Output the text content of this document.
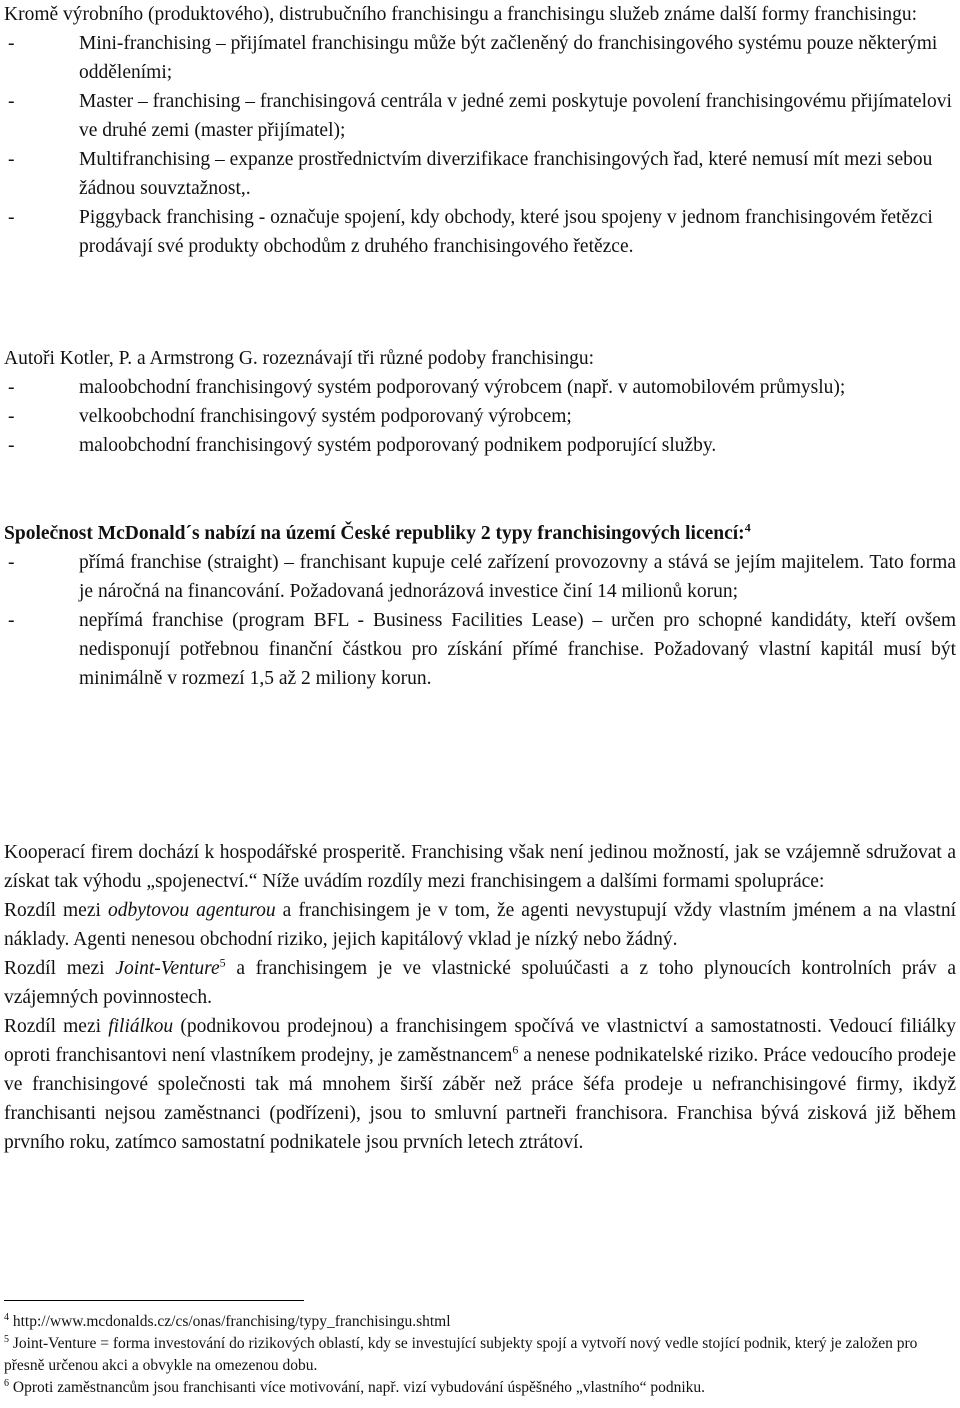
Kromě výrobního (produktového), distrubučního franchisingu a franchisingu služeb známe další formy franchisingu:

-	Mini-franchising – přijímatel franchisingu může být začleněný do franchisingového systému pouze některými odděleními;
-	Master – franchising – franchisingová centrála v jedné zemi poskytuje povolení franchisingovému přijímatelovi ve druhé zemi (master přijímatel);
-	Multifranchising – expanze prostřednictvím diverzifikace franchisingových řad, které nemusí mít mezi sebou žádnou souvztažnost,.
-	Piggyback franchising - označuje spojení, kdy obchody, které jsou spojeny v jednom franchisingovém řetězci prodávají své produkty obchodům z druhého franchisingového řetězce.

Autoři Kotler, P. a Armstrong G. rozeznávají tři různé podoby franchisingu:

-	maloobchodní franchisingový systém podporovaný výrobcem (např. v automobilovém průmyslu);
-	velkoobchodní franchisingový systém podporovaný výrobcem;
-	maloobchodní franchisingový systém podporovaný podnikem podporující služby.

Společnost McDonald´s nabízí na území České republiky 2 typy franchisingových licencí:$^4$

-	přímá franchise (straight) – franchisant kupuje celé zařízení provozovny a stává se jejím majitelem. Tato forma je náročná na financování. Požadovaná jednorázová investice činí 14 milionů korun;
-	nepřímá franchise (program BFL - Business Facilities Lease) – určen pro schopné kandidáty, kteří ovšem nedisponují potřebnou finanční částkou pro získání přímé franchise. Požadovaný vlastní kapitál musí být minimálně v rozmezí 1,5 až 2 miliony korun.

Kooperací firem dochází k hospodářské prosperitě. Franchising však není jedinou možností, jak se vzájemně sdružovat a získat tak výhodu „spojenectví.“ Níže uvádím rozdíly mezi franchisingem a dalšími formami spolupráce:

Rozdíl mezi odbytovou agenturou a franchisingem je v tom, že agenti nevystupují vždy vlastním jménem a na vlastní náklady. Agenti nenesou obchodní riziko, jejich kapitálový vklad je nízký nebo žádný.

Rozdíl mezi Joint-Venture$^5$ a franchisingem je ve vlastnické spoluúčasti a z toho plynoucích kontrolních práv a vzájemných povinnostech.

Rozdíl mezi filiálkou (podnikovou prodejnou) a franchisingem spočívá ve vlastnictví a samostatnosti. Vedoucí filiálky oproti franchisantovi není vlastníkem prodejny, je zaměstnancem$^6$ a nenese podnikatelské riziko. Práce vedoucího prodeje ve franchisingové společnosti tak má mnohem širší záběr než práce šéfa prodeje u nefranchisingové firmy, ikdyž franchisanti nejsou zaměstnanci (podřízeni), jsou to smluvní partneři franchisora. Franchisa bývá zisková již během prvního roku, zatímco samostatní podnikatele jsou prvních letech ztrátoví.

$^4$ http://www.mcdonalds.cz/cs/onas/franchising/typy_franchisingu.shtml

$^5$ Joint-Venture = forma investování do rizikových oblastí, kdy se investující subjekty spojí a vytvoří nový vedle stojící podnik, který je založen pro přesně určenou akci a obvykle na omezenou dobu.

$^6$ Oproti zaměstnancům jsou franchisanti více motivování, např. vizí vybudování úspěšného „vlastního“ podniku.
